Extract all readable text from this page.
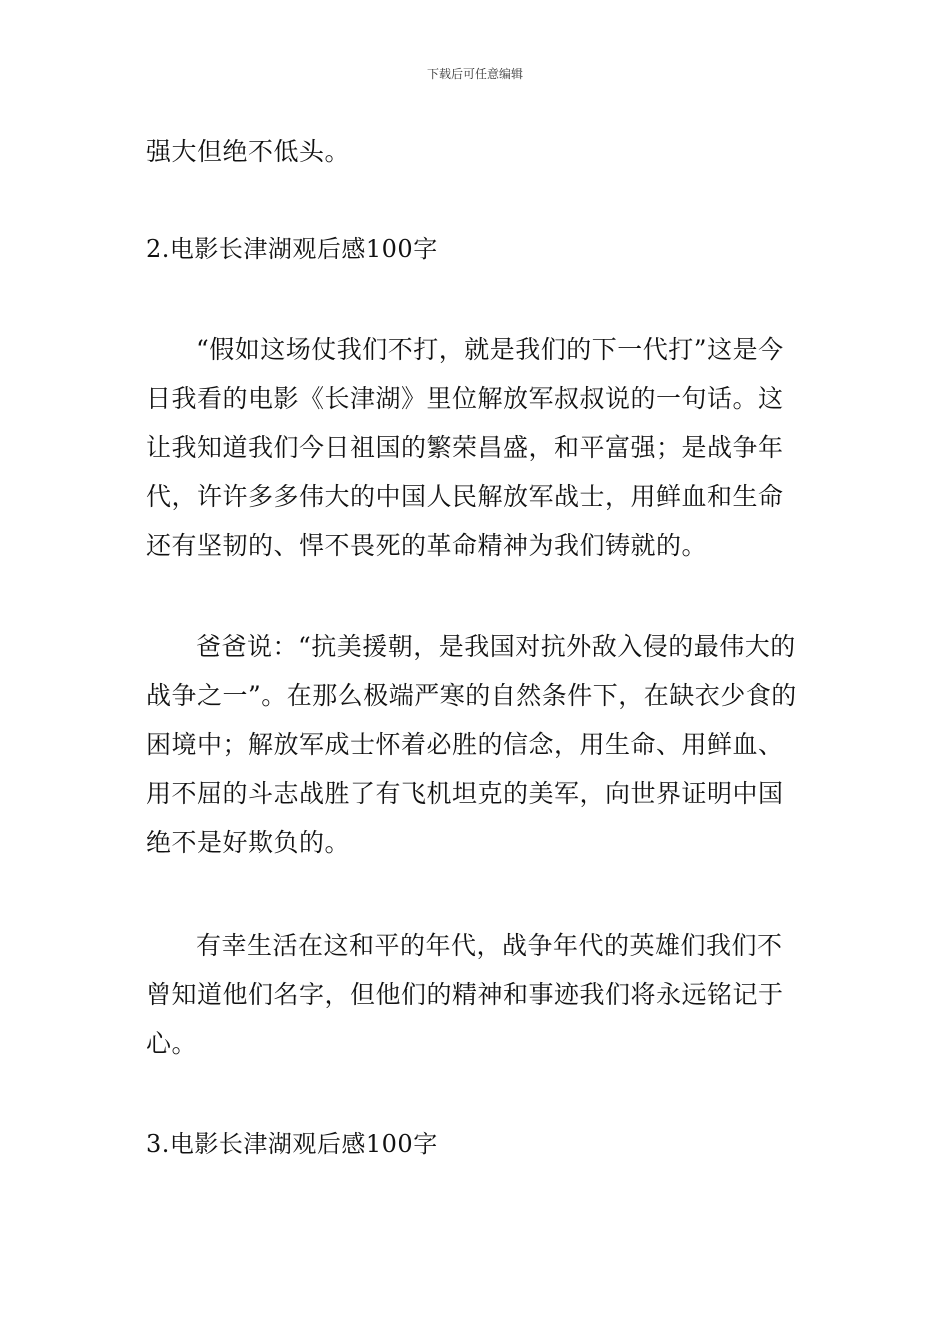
下载后可任意编辑

强大但绝不低头。

2.电影长津湖观后感100字

“假如这场仗我们不打，就是我们的下一代打”这是今日我看的电影《长津湖》里位解放军叔叔说的一句话。这让我知道我们今日祖国的繁荣昌盛，和平富强；是战争年代，许许多多伟大的中国人民解放军战士，用鲜血和生命还有坚韧的、悍不畏死的革命精神为我们铸就的。

爸爸说：“抗美援朝，是我国对抗外敌入侵的最伟大的战争之一”。在那么极端严寒的自然条件下，在缺衣少食的困境中；解放军成士怀着必胜的信念，用生命、用鲜血、用不屈的斗志战胜了有飞机坦克的美军，向世界证明中国绝不是好欺负的。

有幸生活在这和平的年代，战争年代的英雄们我们不曾知道他们名字，但他们的精神和事迹我们将永远铭记于心。

3.电影长津湖观后感100字
